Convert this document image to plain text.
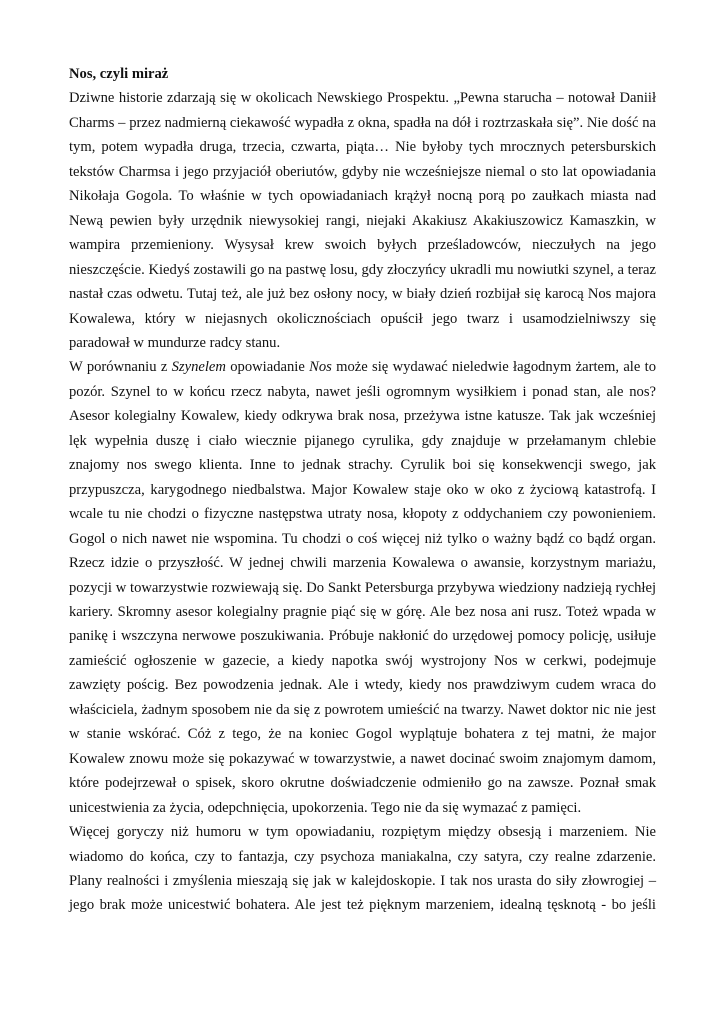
Nos, czyli miraż

Dziwne historie zdarzają się w okolicach Newskiego Prospektu. „Pewna starucha – notował Daniił Charms – przez nadmierną ciekawość wypadła z okna, spadła na dół i roztrzaskała się”. Nie dość na tym, potem wypadła druga, trzecia, czwarta, piąta… Nie byłoby tych mrocznych petersburskich tekstów Charmsa i jego przyjaciół oberiutów, gdyby nie wcześniejsze niemal o sto lat opowiadania Nikołaja Gogola. To właśnie w tych opowiadaniach krążył nocną porą po zaułkach miasta nad Newą pewien były urzędnik niewysokiej rangi, niejaki Akakiusz Akakiuszowicz Kamaszkin, w wampira przemieniony. Wysysał krew swoich byłych prześladowców, nieczułych na jego nieszczęście. Kiedyś zostawili go na pastwę losu, gdy złoczyńcy ukradli mu nowiutki szynel, a teraz nastał czas odwetu. Tutaj też, ale już bez osłony nocy, w biały dzień rozbijał się karocą Nos majora Kowalewa, który w niejasnych okolicznościach opuścił jego twarz i usamodzielniwszy się paradował w mundurze radcy stanu.

W porównaniu z Szynelem opowiadanie Nos może się wydawać nieledwie łagodnym żartem, ale to pozór. Szynel to w końcu rzecz nabyta, nawet jeśli ogromnym wysiłkiem i ponad stan, ale nos? Asesor kolegialny Kowalew, kiedy odkrywa brak nosa, przeżywa istne katusze. Tak jak wcześniej lęk wypełnia duszę i ciało wiecznie pijanego cyrulika, gdy znajduje w przełamanym chlebie znajomy nos swego klienta. Inne to jednak strachy. Cyrulik boi się konsekwencji swego, jak przypuszcza, karygodnego niedbalstwa. Major Kowalew staje oko w oko z życiową katastrofą. I wcale tu nie chodzi o fizyczne następstwa utraty nosa, kłopoty z oddychaniem czy powonieniem. Gogol o nich nawet nie wspomina. Tu chodzi o coś więcej niż tylko o ważny bądź co bądź organ. Rzecz idzie o przyszłość. W jednej chwili marzenia Kowalewa o awansie, korzystnym mariażu, pozycji w towarzystwie rozwiewają się. Do Sankt Petersburga przybywa wiedziony nadzieją rychłej kariery. Skromny asesor kolegialny pragnie piąć się w górę. Ale bez nosa ani rusz. Toteż wpada w panikę i wszczyna nerwowe poszukiwania. Próbuje nakłonić do urzędowej pomocy policję, usiłuje zamieścić ogłoszenie w gazecie, a kiedy napotka swój wystrojony Nos w cerkwi, podejmuje zawzięty pościg. Bez powodzenia jednak. Ale i wtedy, kiedy nos prawdziwym cudem wraca do właściciela, żadnym sposobem nie da się z powrotem umieścić na twarzy. Nawet doktor nic nie jest w stanie wskórać. Cóż z tego, że na koniec Gogol wyplątuje bohatera z tej matni, że major Kowalew znowu może się pokazywać w towarzystwie, a nawet docinać swoim znajomym damom, które podejrzewał o spisek, skoro okrutne doświadczenie odmieniło go na zawsze. Poznał smak unicestwienia za życia, odepchnięcia, upokorzenia. Tego nie da się wymazać z pamięci.

Więcej goryczy niż humoru w tym opowiadaniu, rozpiętym między obsesją i marzeniem. Nie wiadomo do końca, czy to fantazja, czy psychoza maniakalna, czy satyra, czy realne zdarzenie. Plany realności i zmyślenia mieszają się jak w kalejdoskopie. I tak nos urasta do siły złowrogiej – jego brak może unicestwić bohatera. Ale jest też pięknym marzeniem, idealną tęsknotą - bo jeśli
